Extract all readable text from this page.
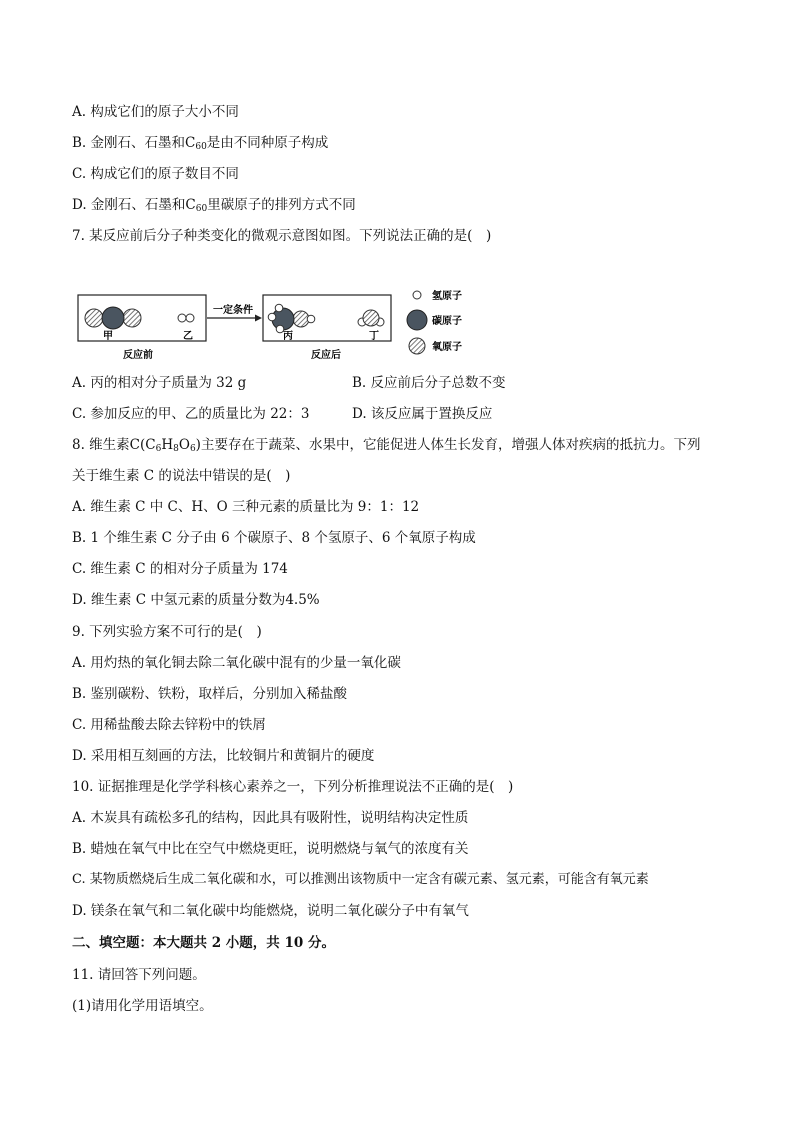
A. 构成它们的原子大小不同
B. 金刚石、石墨和$C_{60}$是由不同种原子构成
C. 构成它们的原子数目不同
D. 金刚石、石墨和$C_{60}$里碳原子的排列方式不同
7. 某反应前后分子种类变化的微观示意图如图。下列说法正确的是(　)
甲	乙
一定条件
丙	丁
反应前	反应后
氢原子
碳原子
氧原子
A. 丙的相对分子质量为 32 g	B. 反应前后分子总数不变
C. 参加反应的甲、乙的质量比为 22：3	D. 该反应属于置换反应
8. 维生素$C(C_6H_8O_6)$主要存在于蔬菜、水果中，它能促进人体生长发育，增强人体对疾病的抵抗力。下列
关于维生素 C 的说法中错误的是(　)
A. 维生素 C 中 C、H、O 三种元素的质量比为 9：1：12
B. 1 个维生素 C 分子由 6 个碳原子、8 个氢原子、6 个氧原子构成
C. 维生素 C 的相对分子质量为 174
D. 维生素 C 中氢元素的质量分数为4.5%
9. 下列实验方案不可行的是(　)
A. 用灼热的氧化铜去除二氧化碳中混有的少量一氧化碳
B. 鉴别碳粉、铁粉，取样后，分别加入稀盐酸
C. 用稀盐酸去除去锌粉中的铁屑
D. 采用相互刻画的方法，比较铜片和黄铜片的硬度
10. 证据推理是化学学科核心素养之一，下列分析推理说法不正确的是(　)
A. 木炭具有疏松多孔的结构，因此具有吸附性，说明结构决定性质
B. 蜡烛在氧气中比在空气中燃烧更旺，说明燃烧与氧气的浓度有关
C. 某物质燃烧后生成二氧化碳和水，可以推测出该物质中一定含有碳元素、氢元素，可能含有氧元素
D. 镁条在氧气和二氧化碳中均能燃烧，说明二氧化碳分子中有氧气
二、填空题：本大题共 2 小题，共 10 分。
11. 请回答下列问题。
(1)请用化学用语填空。
